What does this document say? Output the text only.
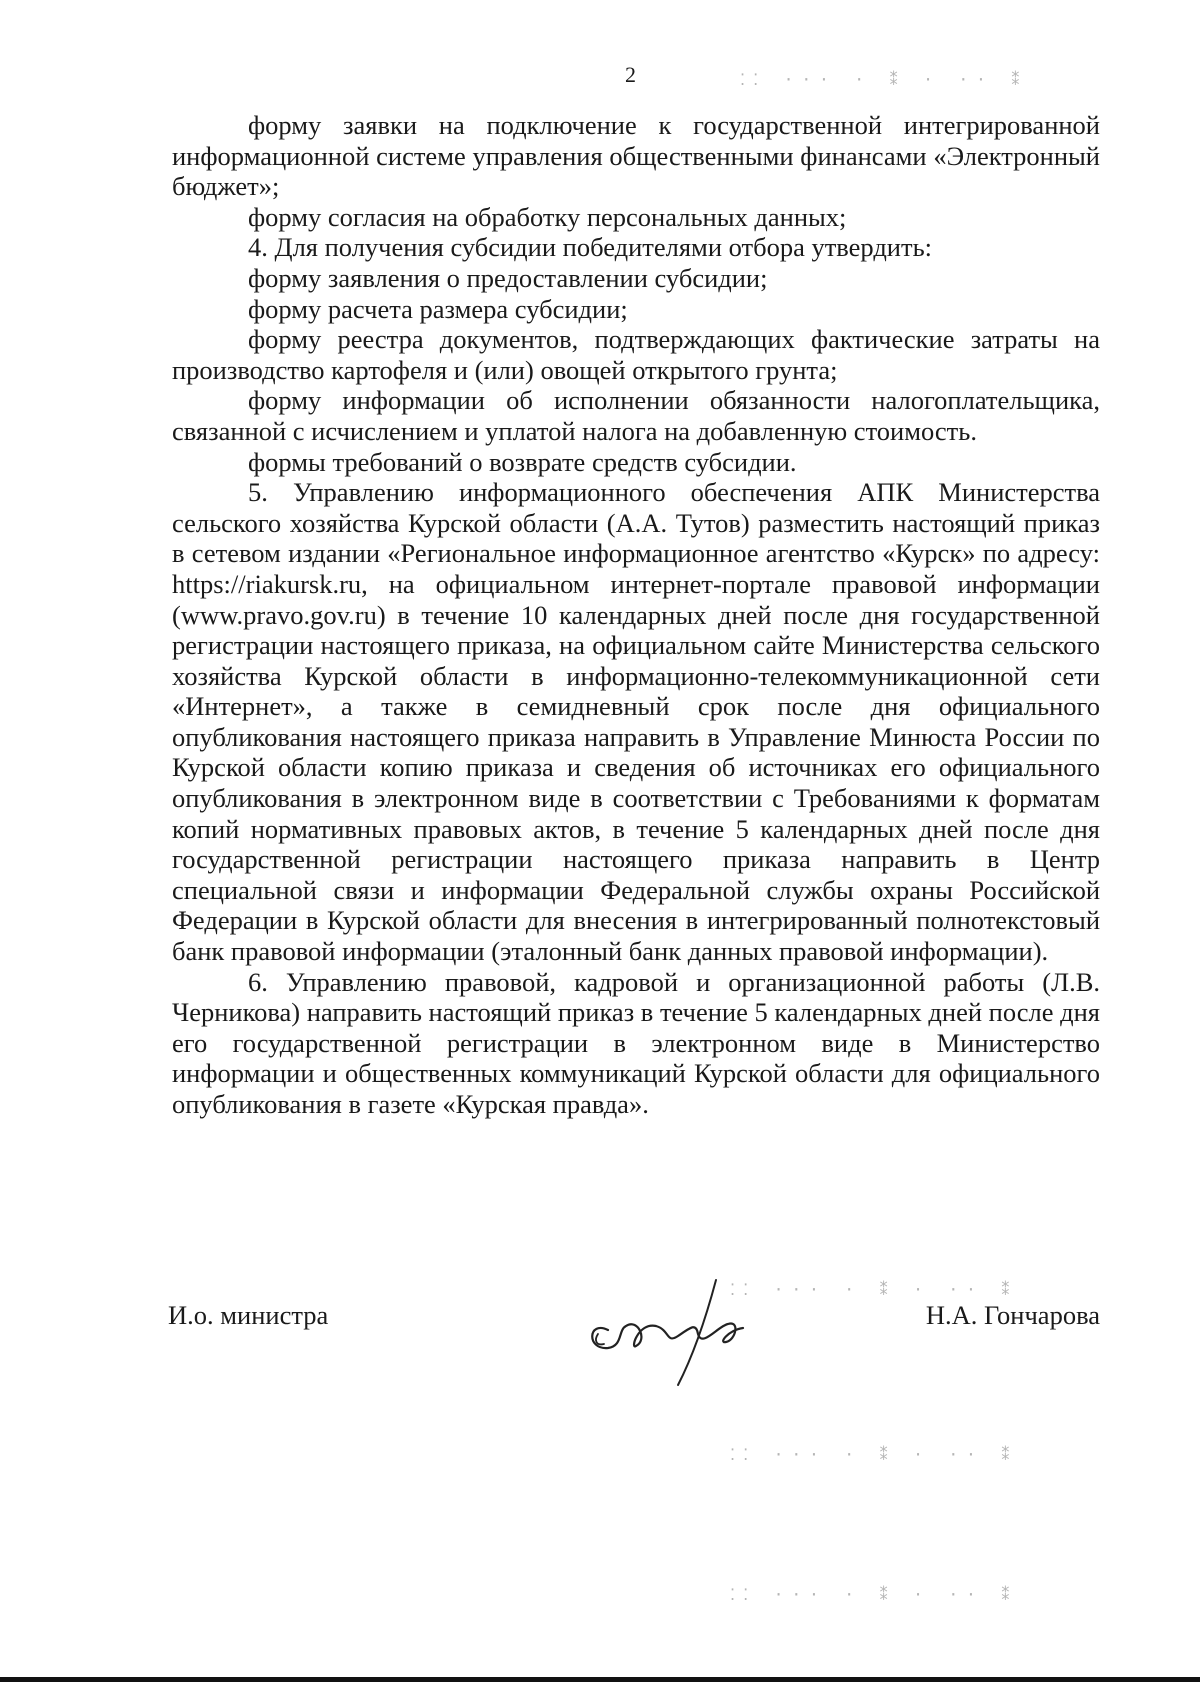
2	⁚⁚ ··· · ⁑ · ·· ⁑

форму заявки на подключение к государственной интегрированной информационной системе управления общественными финансами «Электронный бюджет»;

форму согласия на обработку персональных данных;

4. Для получения субсидии победителями отбора утвердить:

форму заявления о предоставлении субсидии;

форму расчета размера субсидии;

форму реестра документов, подтверждающих фактические затраты на производство картофеля и (или) овощей открытого грунта;

форму информации об исполнении обязанности налогоплательщика, связанной с исчислением и уплатой налога на добавленную стоимость.

формы требований о возврате средств субсидии.

5. Управлению информационного обеспечения АПК Министерства сельского хозяйства Курской области (А.А. Тутов) разместить настоящий приказ в сетевом издании «Региональное информационное агентство «Курск» по адресу: https://riakursk.ru, на официальном интернет-портале правовой информации (www.pravo.gov.ru) в течение 10 календарных дней после дня государственной регистрации настоящего приказа, на официальном сайте Министерства сельского хозяйства Курской области в информационно-телекоммуникационной сети «Интернет», а также в семидневный срок после дня официального опубликования настоящего приказа направить в Управление Минюста России по Курской области копию приказа и сведения об источниках его официального опубликования в электронном виде в соответствии с Требованиями к форматам копий нормативных правовых актов, в течение 5 календарных дней после дня государственной регистрации настоящего приказа направить в Центр специальной связи и информации Федеральной службы охраны Российской Федерации в Курской области для внесения в интегрированный полнотекстовый банк правовой информации (эталонный банк данных правовой информации).

6. Управлению правовой, кадровой и организационной работы (Л.В. Черникова) направить настоящий приказ в течение 5 календарных дней после дня его государственной регистрации в электронном виде в Министерство информации и общественных коммуникаций Курской области для официального опубликования в газете «Курская правда».

И.о. министра	Н.А. Гончарова
⁚⁚ ··· · ⁑ · ·· ⁑
⁚⁚ ··· · ⁑ · ·· ⁑
⁚⁚ ··· · ⁑ · ·· ⁑
